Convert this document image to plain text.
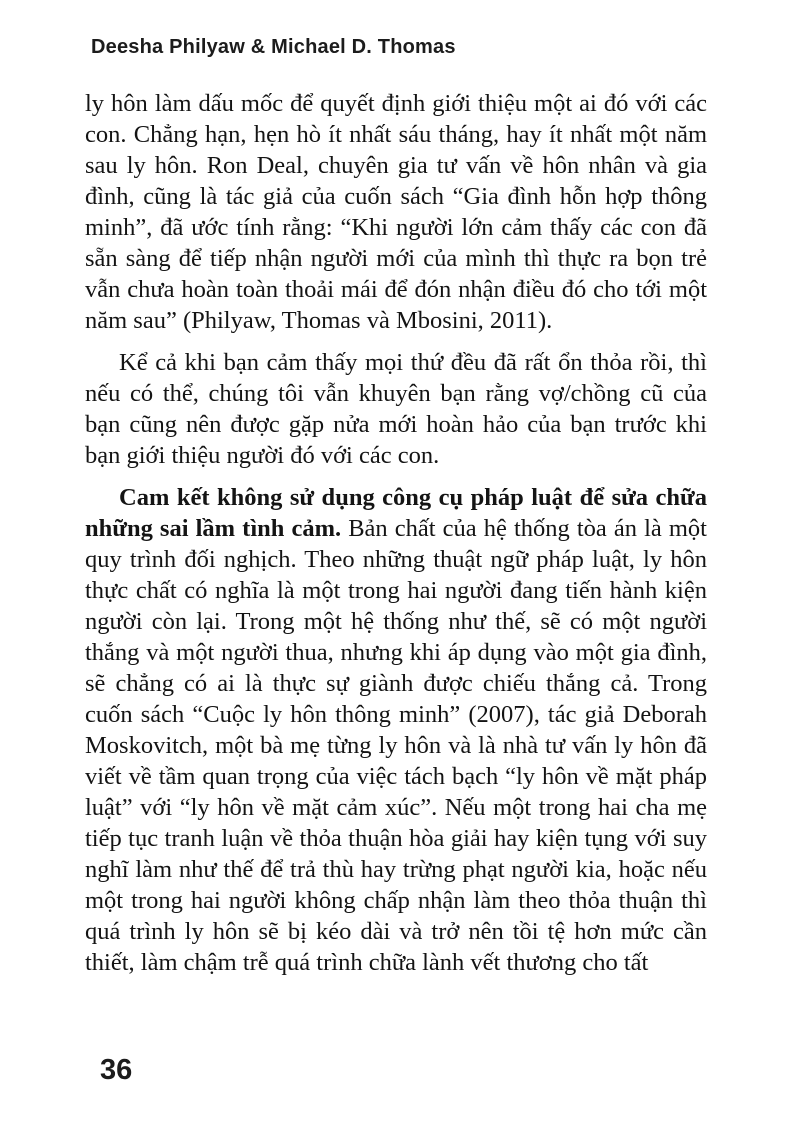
Deesha Philyaw & Michael D. Thomas

ly hôn làm dấu mốc để quyết định giới thiệu một ai đó với các con. Chẳng hạn, hẹn hò ít nhất sáu tháng, hay ít nhất một năm sau ly hôn. Ron Deal, chuyên gia tư vấn về hôn nhân và gia đình, cũng là tác giả của cuốn sách “Gia đình hỗn hợp thông minh”, đã ước tính rằng: “Khi người lớn cảm thấy các con đã sẵn sàng để tiếp nhận người mới của mình thì thực ra bọn trẻ vẫn chưa hoàn toàn thoải mái để đón nhận điều đó cho tới một năm sau” (Philyaw, Thomas và Mbosini, 2011).

Kể cả khi bạn cảm thấy mọi thứ đều đã rất ổn thỏa rồi, thì nếu có thể, chúng tôi vẫn khuyên bạn rằng vợ/chồng cũ của bạn cũng nên được gặp nửa mới hoàn hảo của bạn trước khi bạn giới thiệu người đó với các con.

Cam kết không sử dụng công cụ pháp luật để sửa chữa những sai lầm tình cảm. Bản chất của hệ thống tòa án là một quy trình đối nghịch. Theo những thuật ngữ pháp luật, ly hôn thực chất có nghĩa là một trong hai người đang tiến hành kiện người còn lại. Trong một hệ thống như thế, sẽ có một người thắng và một người thua, nhưng khi áp dụng vào một gia đình, sẽ chẳng có ai là thực sự giành được chiếu thắng cả. Trong cuốn sách “Cuộc ly hôn thông minh” (2007), tác giả Deborah Moskovitch, một bà mẹ từng ly hôn và là nhà tư vấn ly hôn đã viết về tầm quan trọng của việc tách bạch “ly hôn về mặt pháp luật” với “ly hôn về mặt cảm xúc”. Nếu một trong hai cha mẹ tiếp tục tranh luận về thỏa thuận hòa giải hay kiện tụng với suy nghĩ làm như thế để trả thù hay trừng phạt người kia, hoặc nếu một trong hai người không chấp nhận làm theo thỏa thuận thì quá trình ly hôn sẽ bị kéo dài và trở nên tồi tệ hơn mức cần thiết, làm chậm trễ quá trình chữa lành vết thương cho tất

36
